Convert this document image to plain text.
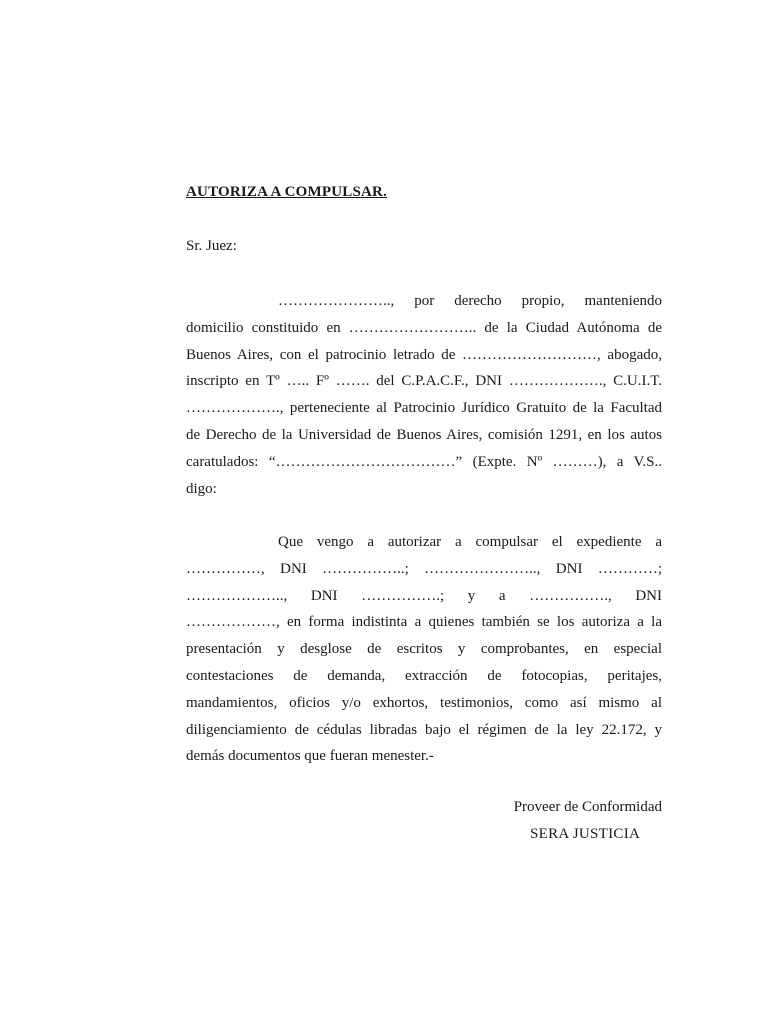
AUTORIZA A COMPULSAR.
Sr. Juez:
………………….., por derecho propio, manteniendo
domicilio constituido en …………………….. de la Ciudad Autónoma de
Buenos Aires, con el patrocinio letrado de ………………………, abogado,
inscripto en Tº ….. Fº ……. del C.P.A.C.F., DNI ………………., C.U.I.T.
………………., perteneciente al Patrocinio Jurídico Gratuito de la Facultad
de Derecho de la Universidad de Buenos Aires, comisión 1291, en los autos
caratulados: “………………………………” (Expte. Nº ………), a V.S..
digo:
Que vengo a autorizar a compulsar el expediente a
……………, DNI ……………..; ………………….., DNI …………;
……………….., DNI …………….; y a ……………., DNI
………………, en forma indistinta a quienes también se los autoriza a la
presentación y desglose de escritos y comprobantes, en especial
contestaciones de demanda, extracción de fotocopias, peritajes,
mandamientos, oficios y/o exhortos, testimonios, como así mismo al
diligenciamiento de cédulas libradas bajo el régimen de la ley 22.172, y
demás documentos que fueran menester.-
Proveer de Conformidad
SERA JUSTICIA
